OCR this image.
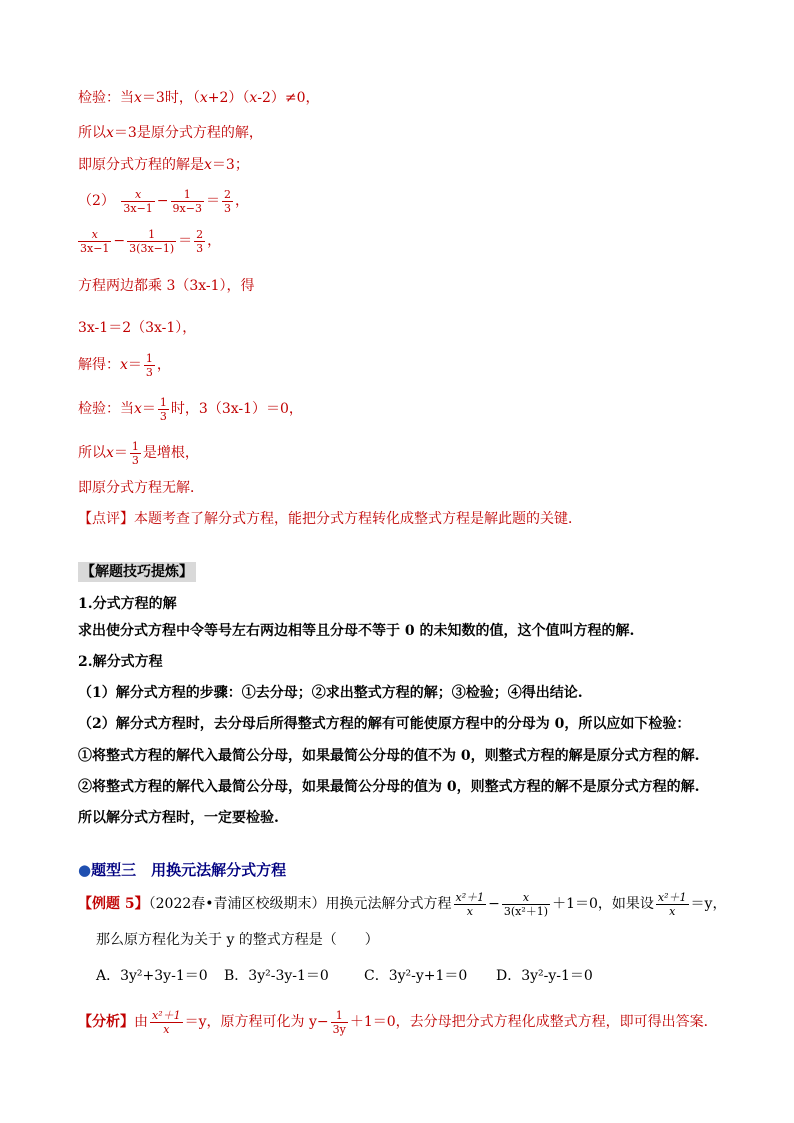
检验：当x＝3时，（x+2）（x-2）≠0，
所以x＝3是原分式方程的解，
即原分式方程的解是x＝3；
$(2) \frac{x}{3x-1} - \frac{1}{9x-3} = \frac{2}{3}$ ，
$\frac{x}{3x-1} - \frac{1}{3(3x-1)} = \frac{2}{3}$ ，
方程两边都乘 3（3x-1），得
3x-1＝2（3x-1），
解得：$x= \frac{1}{3}$ ，
检验：当$x= \frac{1}{3}$ 时，3（3x-1）＝0，
所以$x= \frac{1}{3}$ 是增根，
即原分式方程无解．
【点评】本题考查了解分式方程，能把分式方程转化成整式方程是解此题的关键．
【解题技巧提炼】
1.分式方程的解
求出使分式方程中令等号左右两边相等且分母不等于 0 的未知数的值，这个值叫方程的解.
2.解分式方程
（1）解分式方程的步骤：①去分母；②求出整式方程的解；③检验；④得出结论.
（2）解分式方程时，去分母后所得整式方程的解有可能使原方程中的分母为 0，所以应如下检验：
①将整式方程的解代入最简公分母，如果最简公分母的值不为 0，则整式方程的解是原分式方程的解.
②将整式方程的解代入最简公分母，如果最简公分母的值为 0，则整式方程的解不是原分式方程的解.
所以解分式方程时，一定要检验.
●题型三　用换元法解分式方程
【例题 5】（2022春•青浦区校级期末）用换元法解分式方程 $\frac{\text{x²＋1}}{x} - \frac{x}{\text{3(x²＋1)}} +1=0$，如果设 $\frac{\text{x²＋1}}{x} =y$，
那么原方程化为关于 y 的整式方程是（　　）
A．3y²+3y-1＝0 B．3y²-3y-1＝0	C．3y²-y+1＝0 D．3y²-y-1＝0
【分析】由 $\frac{\text{x²＋1}}{x} =y$，原方程可化为 $y- \frac{1}{3y} +1=0$，去分母把分式方程化成整式方程，即可得出答案．
